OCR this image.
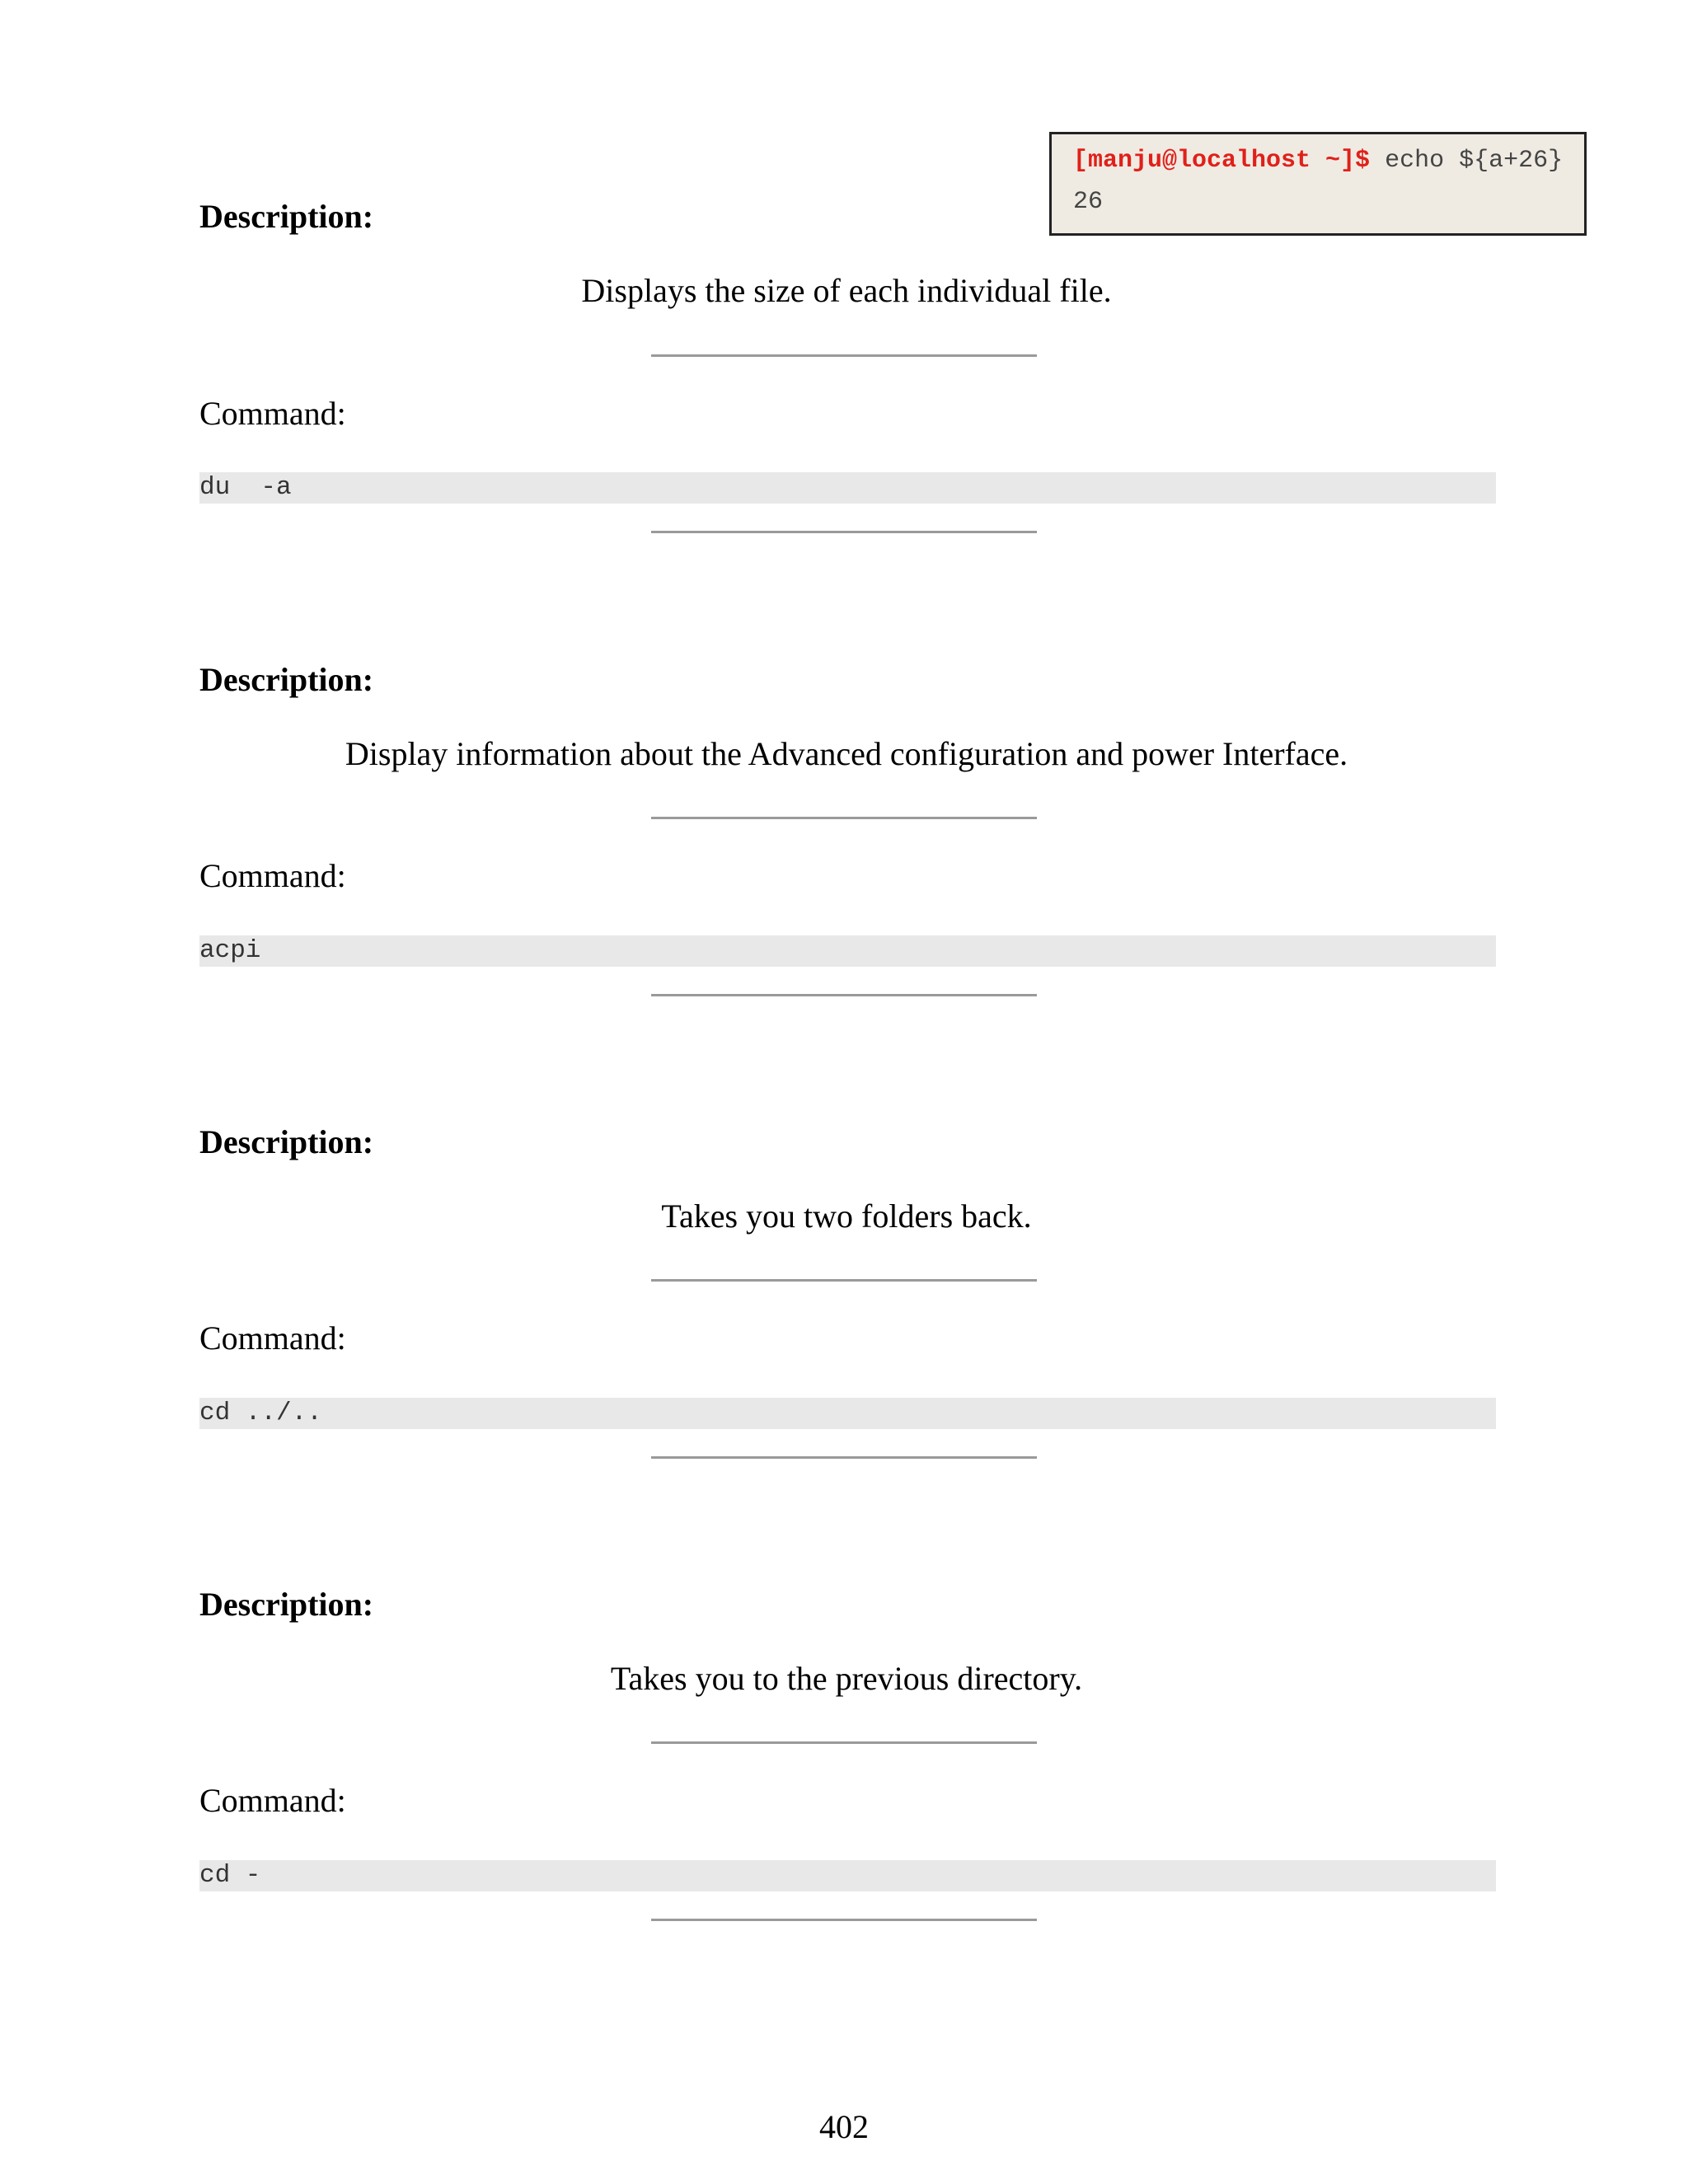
[manju@localhost ~]$ echo ${a+26}
26
Description:
Displays the size of each individual file.
Command:
du  -a
Description:
Display information about the Advanced configuration and power Interface.
Command:
acpi
Description:
Takes you two folders back.
Command:
cd ../..
Description:
Takes you to the previous directory.
Command:
cd -
402
